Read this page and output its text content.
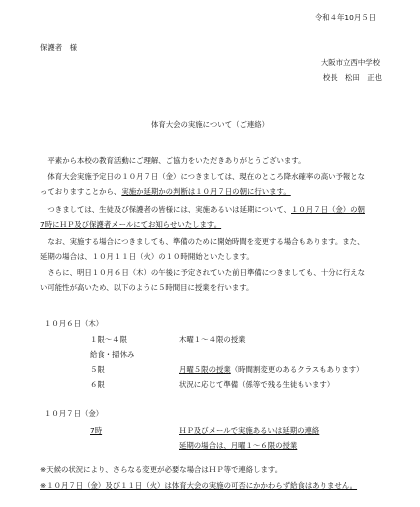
令和４年10月５日
保護者　様
大阪市立西中学校
校長　松田　正也
体育大会の実施について（ご連絡）
　平素から本校の教育活動にご理解、ご協力をいただきありがとうございます。
　体育大会実施予定日の１０月７日（金）につきましては、現在のところ降水確率の高い予報とな
っておりますことから、実施か延期かの判断は１０月７日の朝に行います。
　つきましては、生徒及び保護者の皆様には、実施あるいは延期について、１０月７日（金）の朝
7時にＨＰ及び保護者メールにてお知らせいたします。
　なお、実施する場合につきましても、準備のために開始時間を変更する場合もあります。また、
延期の場合は、１０月１１日（火）の１０時開始といたします。
　さらに、明日１０月６日（木）の午後に予定されていた前日準備につきましても、十分に行えな
い可能性が高いため、以下のように５時間目に授業を行います。
１０月６日（木）
１限～４限	木曜１～４限の授業
給食・掃休み
５限	月曜５限の授業（時間割変更のあるクラスもあります）
６限	状況に応じて準備（係等で残る生徒もいます）
１０月７日（金）
7時	ＨＰ及びメールで実施あるいは延期の連絡
延期の場合は、月曜１～６限の授業
※天候の状況により、さらなる変更が必要な場合はＨＰ等で連絡します。
※１０月７日（金）及び１１日（火）は体育大会の実施の可否にかかわらず給食はありません。
